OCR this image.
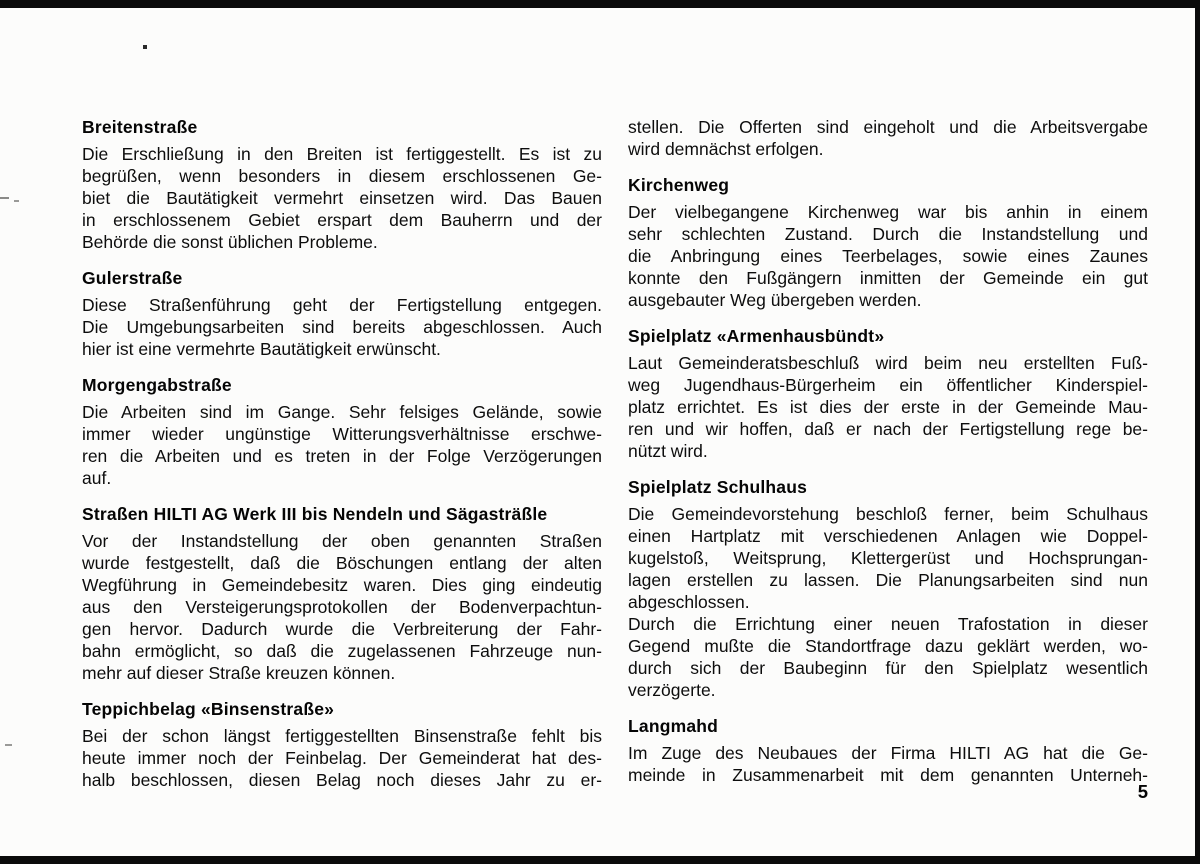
Breitenstraße
Die Erschließung in den Breiten ist fertiggestellt. Es ist zu
begrüßen, wenn besonders in diesem erschlossenen Ge-
biet die Bautätigkeit vermehrt einsetzen wird. Das Bauen
in erschlossenem Gebiet erspart dem Bauherrn und der
Behörde die sonst üblichen Probleme.
Gulerstraße
Diese Straßenführung geht der Fertigstellung entgegen.
Die Umgebungsarbeiten sind bereits abgeschlossen. Auch
hier ist eine vermehrte Bautätigkeit erwünscht.
Morgengabstraße
Die Arbeiten sind im Gange. Sehr felsiges Gelände, sowie
immer wieder ungünstige Witterungsverhältnisse erschwe-
ren die Arbeiten und es treten in der Folge Verzögerungen
auf.
Straßen HILTI AG Werk III bis Nendeln und Sägasträßle
Vor der Instandstellung der oben genannten Straßen
wurde festgestellt, daß die Böschungen entlang der alten
Wegführung in Gemeindebesitz waren. Dies ging eindeutig
aus den Versteigerungsprotokollen der Bodenverpachtun-
gen hervor. Dadurch wurde die Verbreiterung der Fahr-
bahn ermöglicht, so daß die zugelassenen Fahrzeuge nun-
mehr auf dieser Straße kreuzen können.
Teppichbelag «Binsenstraße»
Bei der schon längst fertiggestellten Binsenstraße fehlt bis
heute immer noch der Feinbelag. Der Gemeinderat hat des-
halb beschlossen, diesen Belag noch dieses Jahr zu er-
stellen. Die Offerten sind eingeholt und die Arbeitsvergabe
wird demnächst erfolgen.
Kirchenweg
Der vielbegangene Kirchenweg war bis anhin in einem
sehr schlechten Zustand. Durch die Instandstellung und
die Anbringung eines Teerbelages, sowie eines Zaunes
konnte den Fußgängern inmitten der Gemeinde ein gut
ausgebauter Weg übergeben werden.
Spielplatz «Armenhausbündt»
Laut Gemeinderatsbeschluß wird beim neu erstellten Fuß-
weg Jugendhaus-Bürgerheim ein öffentlicher Kinderspiel-
platz errichtet. Es ist dies der erste in der Gemeinde Mau-
ren und wir hoffen, daß er nach der Fertigstellung rege be-
nützt wird.
Spielplatz Schulhaus
Die Gemeindevorstehung beschloß ferner, beim Schulhaus
einen Hartplatz mit verschiedenen Anlagen wie Doppel-
kugelstoß, Weitsprung, Klettergerüst und Hochsprungan-
lagen erstellen zu lassen. Die Planungsarbeiten sind nun
abgeschlossen.
Durch die Errichtung einer neuen Trafostation in dieser
Gegend mußte die Standortfrage dazu geklärt werden, wo-
durch sich der Baubeginn für den Spielplatz wesentlich
verzögerte.
Langmahd
Im Zuge des Neubaues der Firma HILTI AG hat die Ge-
meinde in Zusammenarbeit mit dem genannten Unterneh-
5
